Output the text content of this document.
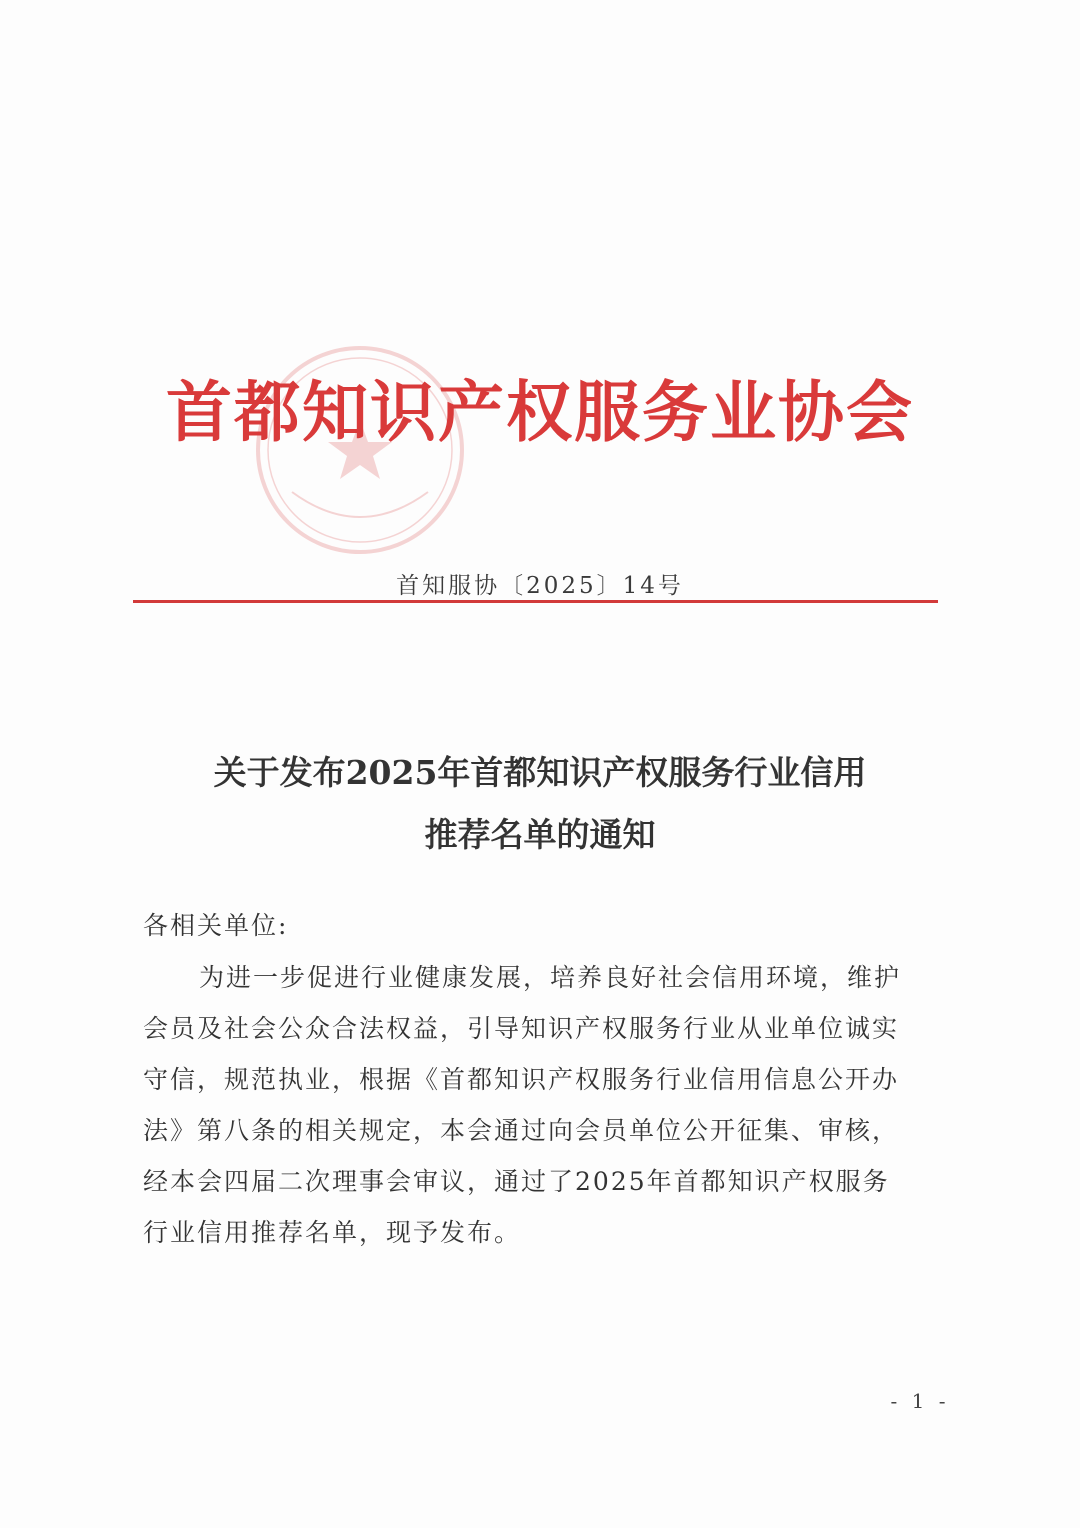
首都知识产权服务业协会
首知服协〔2025〕14号
关于发布2025年首都知识产权服务行业信用
推荐名单的通知
各相关单位:
为进一步促进行业健康发展，培养良好社会信用环境，维护
会员及社会公众合法权益，引导知识产权服务行业从业单位诚实
守信，规范执业，根据《首都知识产权服务行业信用信息公开办
法》第八条的相关规定，本会通过向会员单位公开征集、审核，
经本会四届二次理事会审议，通过了2025年首都知识产权服务
行业信用推荐名单，现予发布。
- 1 -
